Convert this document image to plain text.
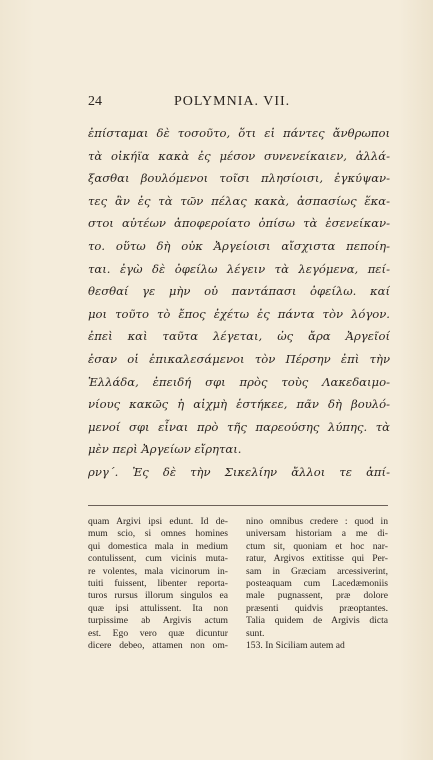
24	POLYMNIA. VII.
ἐπίσταμαι δὲ τοσοῦτο, ὅτι εἰ πάντες ἄνθρωποι
τὰ οἰκήϊα κακὰ ἐς μέσον συνενείκαιεν, ἀλλά-
ξασθαι βουλόμενοι τοῖσι πλησίοισι, ἐγκύψαν-
τες ἂν ἐς τὰ τῶν πέλας κακὰ, ἀσπασίως ἕκα-
στοι αὐτέων ἀποφεροίατο ὀπίσω τὰ ἐσενείκαν-
το. οὕτω δὴ οὐκ Ἀργείοισι αἴσχιστα πεποίη-
ται. ἐγὼ δὲ ὀφείλω λέγειν τὰ λεγόμενα, πεί-
θεσθαί γε μὴν οὐ παντάπασι ὀφείλω. καί
μοι τοῦτο τὸ ἔπος ἐχέτω ἐς πάντα τὸν λόγον.
ἐπεὶ καὶ ταῦτα λέγεται, ὡς ἄρα Ἀργεῖοί
ἐσαν οἱ ἐπικαλεσάμενοι τὸν Πέρσην ἐπὶ τὴν
Ἑλλάδα, ἐπειδή σφι πρὸς τοὺς Λακεδαιμο-
νίους κακῶς ἡ αἰχμὴ ἑστήκεε, πᾶν δὴ βουλό-
μενοί σφι εἶναι πρὸ τῆς παρεούσης λύπης. τὰ
μὲν περὶ Ἀργείων εἴρηται.
ρνγ΄. Ἐς δὲ τὴν Σικελίην ἄλλοι τε ἀπί-
quam Argivi ipsi edunt. Id de-
mum scio, si omnes homines
qui domestica mala in medium
contulissent, cum vicinis muta-
re volentes, mala vicinorum in-
tuiti fuissent, libenter reporta-
turos rursus illorum singulos ea
quæ ipsi attulissent. Ita non
turpissime ab Argivis actum
est. Ego vero quæ dicuntur
dicere debeo, attamen non om-
nino omnibus credere : quod in
universam historiam a me di-
ctum sit, quoniam et hoc nar-
ratur, Argivos extitisse qui Per-
sam in Græciam arcessiverint,
posteaquam cum Lacedæmoniis
male pugnassent, præ dolore
præsenti quidvis præoptantes.
Talia quidem de Argivis dicta
sunt.
153. In Siciliam autem ad
